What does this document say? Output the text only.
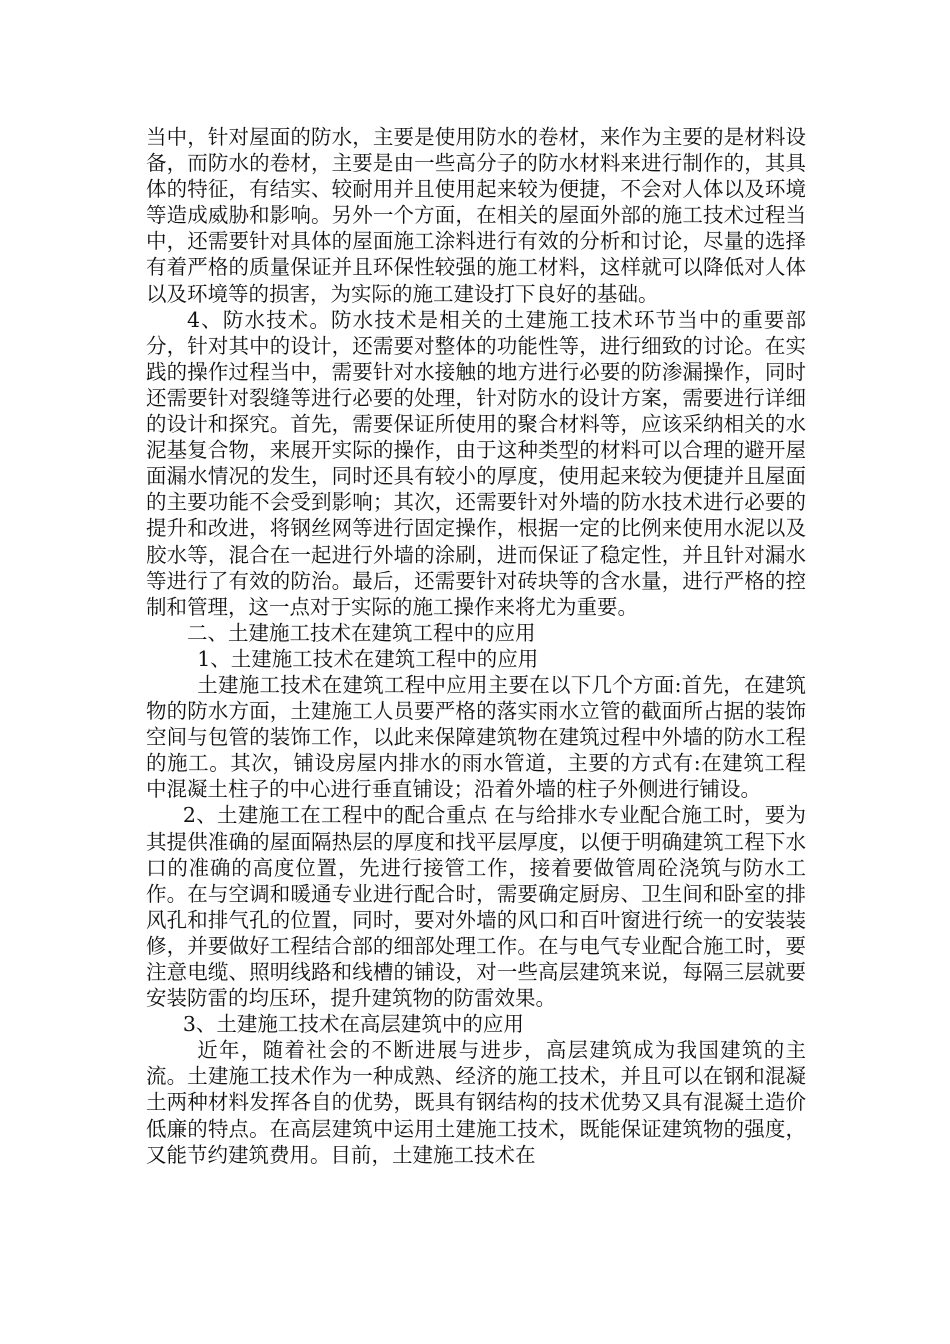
当中，针对屋面的防水，主要是使用防水的卷材，来作为主要的是材料设备，而防水的卷材，主要是由一些高分子的防水材料来进行制作的，其具体的特征，有结实、较耐用并且使用起来较为便捷，不会对人体以及环境等造成威胁和影响。另外一个方面，在相关的屋面外部的施工技术过程当中，还需要针对具体的屋面施工涂料进行有效的分析和讨论，尽量的选择有着严格的质量保证并且环保性较强的施工材料，这样就可以降低对人体以及环境等的损害，为实际的施工建设打下良好的基础。

4、防水技术。防水技术是相关的土建施工技术环节当中的重要部分，针对其中的设计，还需要对整体的功能性等，进行细致的讨论。在实践的操作过程当中，需要针对水接触的地方进行必要的防渗漏操作，同时还需要针对裂缝等进行必要的处理，针对防水的设计方案，需要进行详细的设计和探究。首先，需要保证所使用的聚合材料等，应该采纳相关的水泥基复合物，来展开实际的操作，由于这种类型的材料可以合理的避开屋面漏水情况的发生，同时还具有较小的厚度，使用起来较为便捷并且屋面的主要功能不会受到影响；其次，还需要针对外墙的防水技术进行必要的提升和改进，将钢丝网等进行固定操作，根据一定的比例来使用水泥以及胶水等，混合在一起进行外墙的涂刷，进而保证了稳定性，并且针对漏水等进行了有效的防治。最后，还需要针对砖块等的含水量，进行严格的控制和管理，这一点对于实际的施工操作来将尤为重要。

二、土建施工技术在建筑工程中的应用

1、土建施工技术在建筑工程中的应用

土建施工技术在建筑工程中应用主要在以下几个方面:首先，在建筑物的防水方面，土建施工人员要严格的落实雨水立管的截面所占据的装饰空间与包管的装饰工作，以此来保障建筑物在建筑过程中外墙的防水工程的施工。其次，铺设房屋内排水的雨水管道，主要的方式有:在建筑工程中混凝土柱子的中心进行垂直铺设；沿着外墙的柱子外侧进行铺设。

2、土建施工在工程中的配合重点 在与给排水专业配合施工时，要为其提供准确的屋面隔热层的厚度和找平层厚度，以便于明确建筑工程下水口的准确的高度位置，先进行接管工作，接着要做管周砼浇筑与防水工作。在与空调和暖通专业进行配合时，需要确定厨房、卫生间和卧室的排风孔和排气孔的位置，同时，要对外墙的风口和百叶窗进行统一的安装装修，并要做好工程结合部的细部处理工作。在与电气专业配合施工时，要注意电缆、照明线路和线槽的铺设，对一些高层建筑来说，每隔三层就要安装防雷的均压环，提升建筑物的防雷效果。

3、土建施工技术在高层建筑中的应用

近年，随着社会的不断进展与进步，高层建筑成为我国建筑的主流。土建施工技术作为一种成熟、经济的施工技术，并且可以在钢和混凝土两种材料发挥各自的优势，既具有钢结构的技术优势又具有混凝土造价低廉的特点。在高层建筑中运用土建施工技术，既能保证建筑物的强度，又能节约建筑费用。目前，土建施工技术在
